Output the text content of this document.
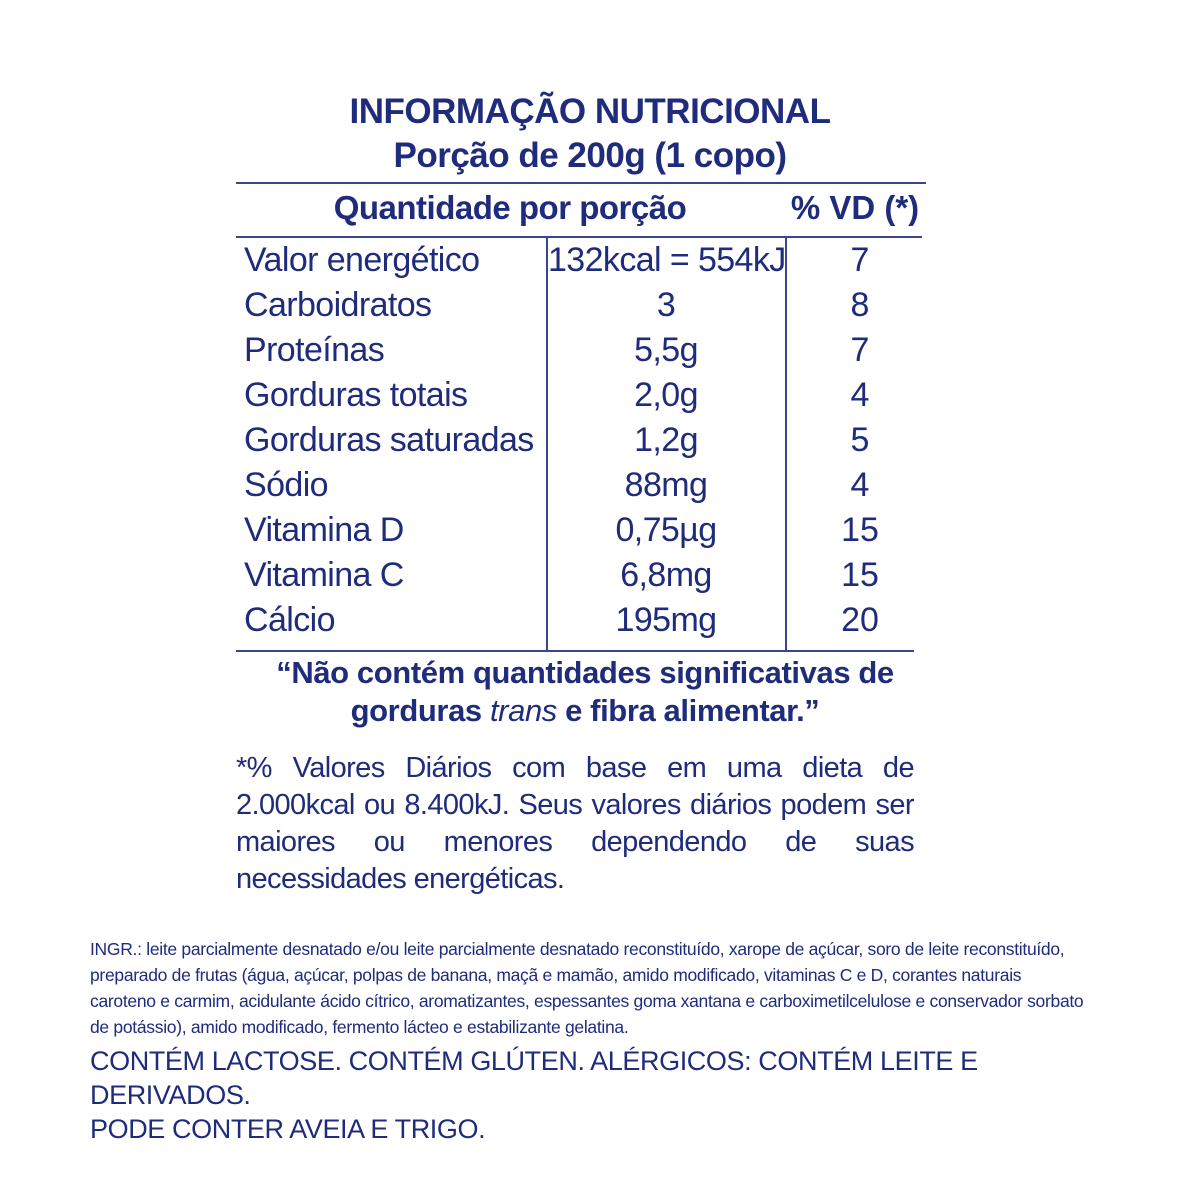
INFORMAÇÃO NUTRICIONAL
Porção de 200g (1 copo)
Quantidade por porção	% VD (*)
Valor energético	132kcal = 554kJ	7
Carboidratos	3	8
Proteínas	5,5g	7
Gorduras totais	2,0g	4
Gorduras saturadas	1,2g	5
Sódio	88mg	4
Vitamina D	0,75µg	15
Vitamina C	6,8mg	15
Cálcio	195mg	20
“Não contém quantidades significativas de
gorduras trans e fibra alimentar.”
*% Valores Diários com base em uma dieta de 2.000kcal ou 8.400kJ. Seus valores diários podem ser maiores ou menores dependendo de suas necessidades energéticas.
INGR.: leite parcialmente desnatado e/ou leite parcialmente desnatado reconstituído, xarope de açúcar, soro de leite reconstituído, preparado de frutas (água, açúcar, polpas de banana, maçã e mamão, amido modificado, vitaminas C e D, corantes naturais caroteno e carmim, acidulante ácido cítrico, aromatizantes, espessantes goma xantana e carboximetilcelulose e conservador sorbato de potássio), amido modificado, fermento lácteo e estabilizante gelatina.
CONTÉM LACTOSE. CONTÉM GLÚTEN. ALÉRGICOS: CONTÉM LEITE E DERIVADOS.
PODE CONTER AVEIA E TRIGO.
